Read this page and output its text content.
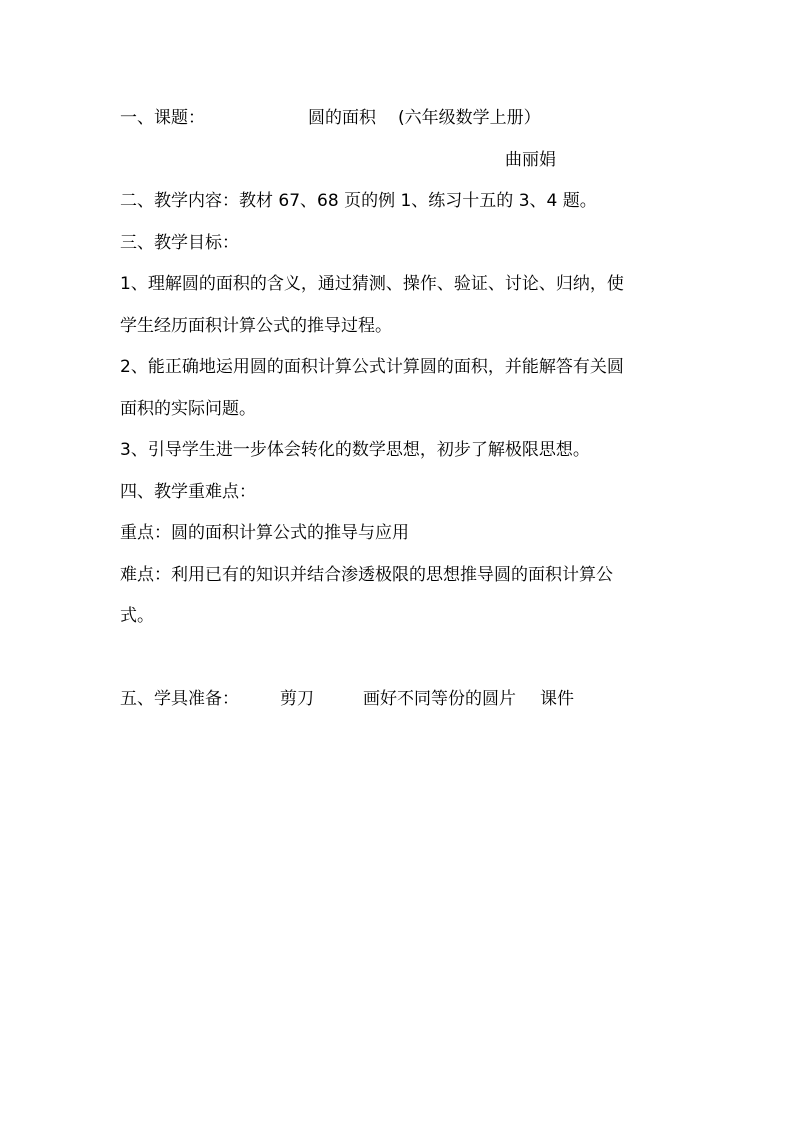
一、课题：	圆的面积 (六年级数学上册）
曲丽娟
二、教学内容：教材 67、68 页的例 1、练习十五的 3、4 题。
三、教学目标：
1、理解圆的面积的含义，通过猜测、操作、验证、讨论、归纳，使
学生经历面积计算公式的推导过程。
2、能正确地运用圆的面积计算公式计算圆的面积，并能解答有关圆
面积的实际问题。
3、引导学生进一步体会转化的数学思想，初步了解极限思想。
四、教学重难点：
重点：圆的面积计算公式的推导与应用
难点：利用已有的知识并结合渗透极限的思想推导圆的面积计算公
式。
五、学具准备： 剪刀	画好不同等份的圆片 课件
